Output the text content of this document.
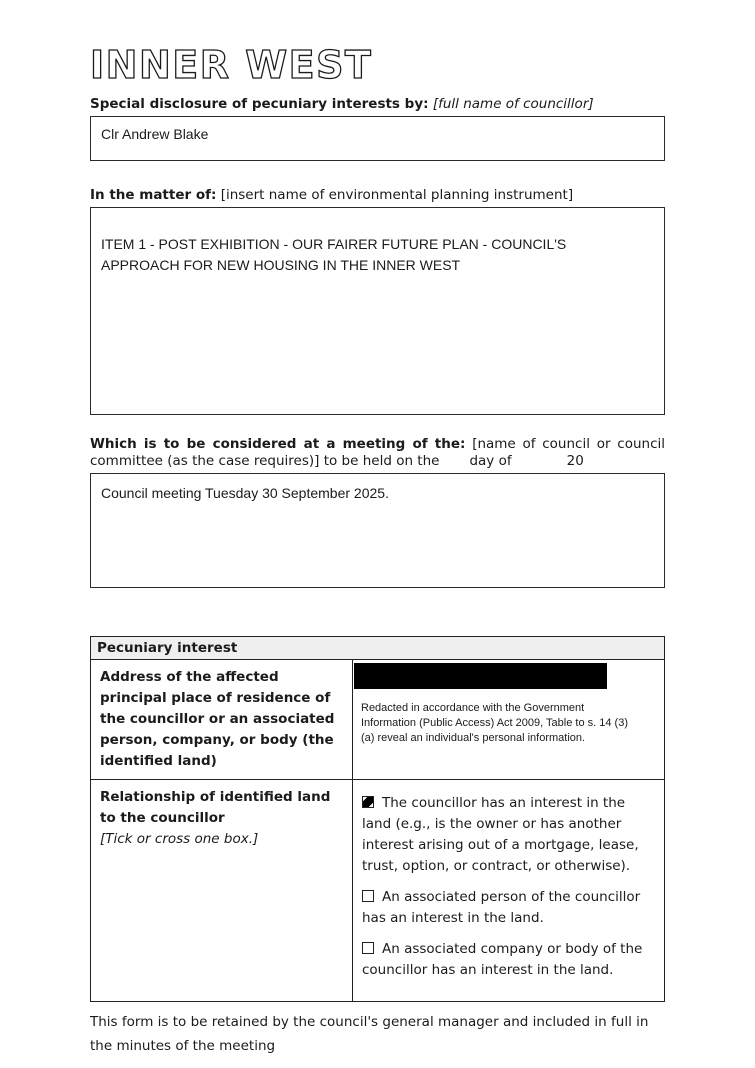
INNER WEST
Special disclosure of pecuniary interests by: [full name of councillor]
Clr Andrew Blake
In the matter of: [insert name of environmental planning instrument]
ITEM 1 - POST EXHIBITION - OUR FAIRER FUTURE PLAN - COUNCIL'S APPROACH FOR NEW HOUSING IN THE INNER WEST
Which is to be considered at a meeting of the: [name of council or council committee (as the case requires)] to be held on the day of	20
Council meeting Tuesday 30 September 2025.
Pecuniary interest
Address of the affected principal place of residence of the councillor or an associated person, company, or body (the identified land)
Redacted in accordance with the Government Information (Public Access) Act 2009, Table to s. 14 (3) (a) reveal an individual's personal information.
Relationship of identified land to the councillor
[Tick or cross one box.]
The councillor has an interest in the land (e.g., is the owner or has another interest arising out of a mortgage, lease, trust, option, or contract, or otherwise).
An associated person of the councillor has an interest in the land.
An associated company or body of the councillor has an interest in the land.
This form is to be retained by the council's general manager and included in full in the minutes of the meeting
